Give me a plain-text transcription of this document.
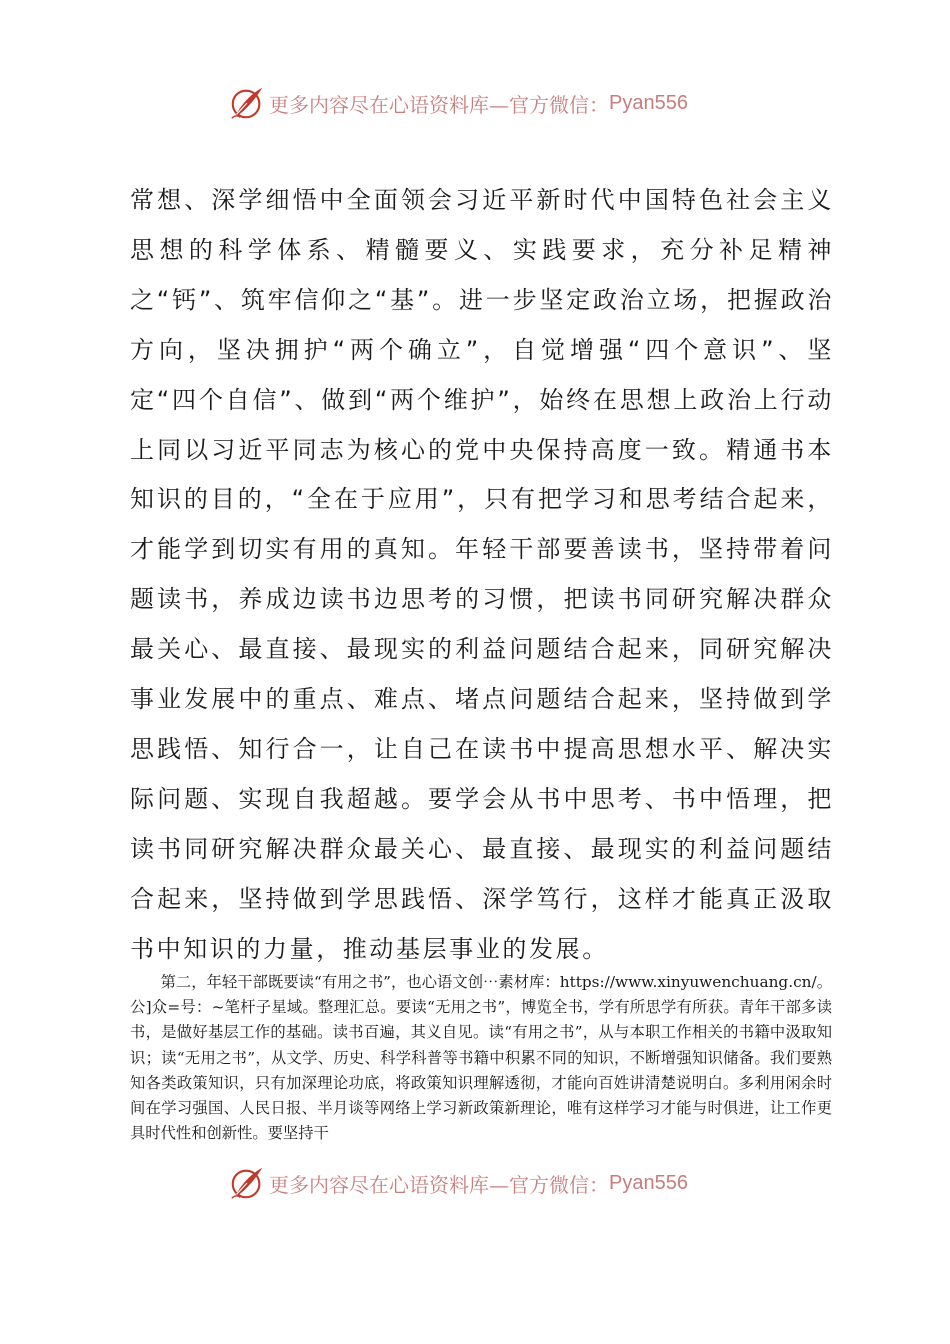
更多内容尽在心语资料库—官方微信： Pyan556

常想、深学细悟中全面领会习近平新时代中国特色社会主义思想的科学体系、精髓要义、实践要求，充分补足精神之“钙”、筑牢信仰之“基”。进一步坚定政治立场，把握政治方向，坚决拥护“两个确立”，自觉增强“四个意识”、坚定“四个自信”、做到“两个维护”，始终在思想上政治上行动上同以习近平同志为核心的党中央保持高度一致。精通书本知识的目的，“全在于应用”，只有把学习和思考结合起来，才能学到切实有用的真知。年轻干部要善读书，坚持带着问题读书，养成边读书边思考的习惯，把读书同研究解决群众最关心、最直接、最现实的利益问题结合起来，同研究解决事业发展中的重点、难点、堵点问题结合起来，坚持做到学思践悟、知行合一，让自己在读书中提高思想水平、解决实际问题、实现自我超越。要学会从书中思考、书中悟理，把读书同研究解决群众最关心、最直接、最现实的利益问题结合起来，坚持做到学思践悟、深学笃行，这样才能真正汲取书中知识的力量，推动基层事业的发展。

第二，年轻干部既要读“有用之书”，也心语文创⋯素材库：https://www.xinyuwenchuang.cn/。公]众=号：~笔杆子星域。整理汇总。要读“无用之书”，博览全书，学有所思学有所获。青年干部多读书，是做好基层工作的基础。读书百遍，其义自见。读“有用之书”，从与本职工作相关的书籍中汲取知识；读“无用之书”，从文学、历史、科学科普等书籍中积累不同的知识，不断增强知识储备。我们要熟知各类政策知识，只有加深理论功底，将政策知识理解透彻，才能向百姓讲清楚说明白。多利用闲余时间在学习强国、人民日报、半月谈等网络上学习新政策新理论，唯有这样学习才能与时俱进，让工作更具时代性和创新性。要坚持干

更多内容尽在心语资料库—官方微信： Pyan556
